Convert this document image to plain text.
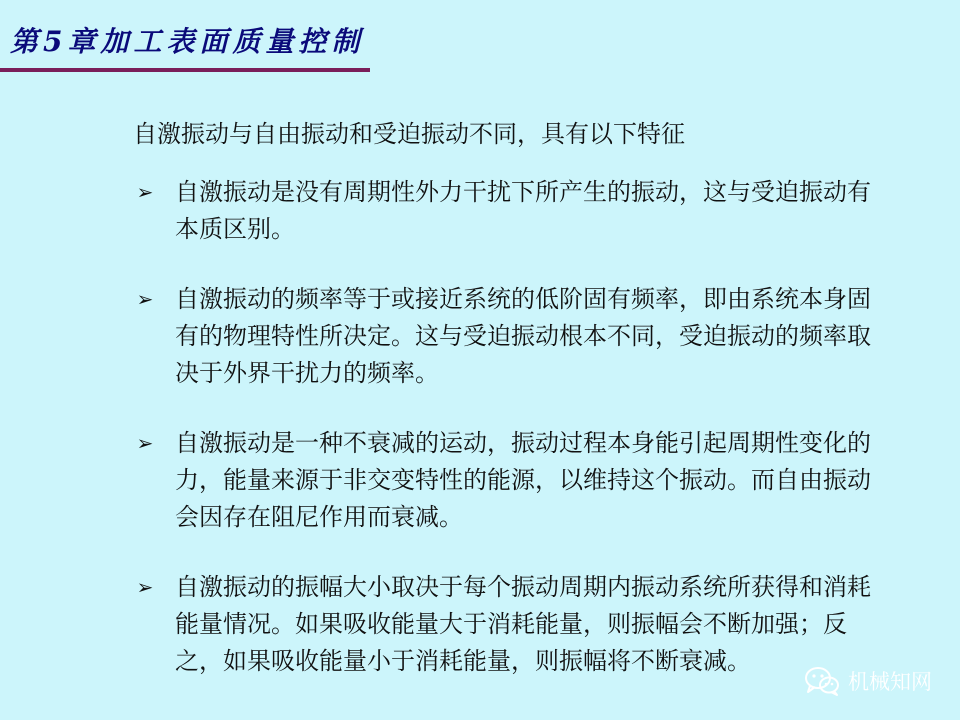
第5章加工表面质量控制

自激振动与自由振动和受迫振动不同，具有以下特征

➢ 自激振动是没有周期性外力干扰下所产生的振动，这与受迫振动有本质区别。
➢ 自激振动的频率等于或接近系统的低阶固有频率，即由系统本身固有的物理特性所决定。这与受迫振动根本不同，受迫振动的频率取决于外界干扰力的频率。
➢ 自激振动是一种不衰减的运动，振动过程本身能引起周期性变化的力，能量来源于非交变特性的能源，以维持这个振动。而自由振动会因存在阻尼作用而衰减。
➢ 自激振动的振幅大小取决于每个振动周期内振动系统所获得和消耗能量情况。如果吸收能量大于消耗能量，则振幅会不断加强；反之，如果吸收能量小于消耗能量，则振幅将不断衰减。
机械知网
